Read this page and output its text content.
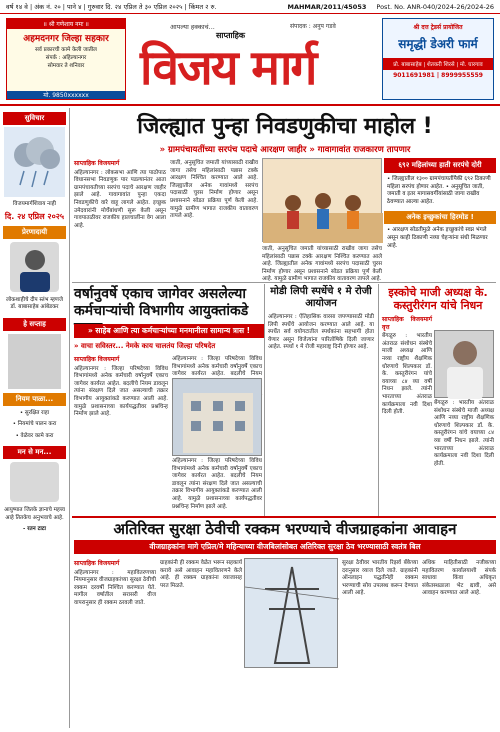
वर्ष १४ वे | अंक नं. २० | पाने ४ | गुरुवार दि. २४ एप्रिल ते ३० एप्रिल २०२५ | किंमत २ रु.	MAHMAR/2011/45053 Post. No. ANR-040/2024-26/2024-26
॥ श्री गणेशाय नमः ॥
अहमदनगर जिल्हा सहकार
सर्व प्रकारची कामे केली जातील
संपर्क : अहिल्यानगर
सोमवार ते शनिवार
मो. 9850xxxxxx
आपल्या हक्काचं...
साप्ताहिक
संपादक : अनुप गडवे
विजय मार्ग
श्री दत्त ट्रेडर्स प्रायोजित
समृद्धी डेअरी फार्म
प्रो. बाबासाहेब | शेतकरी शिरसे | मो. घारगाव
9011691981 | 8999955559
सुविचार
विजयमार्गशिवाय नाही
दि. २४ एप्रिल २०२५
प्रेरणादायी
लोकशाहीचे दीप स्तंभ म्हणजे डॉ. बाबासाहेब आंबेडकर
हे सप्ताह
नियम पाळा...
• सुरक्षित राहा
• नियमांचे पालन करा
• वेळेवर कामे करा
मन से मन...
आयुष्यात जितके ज्ञानाचे महत्त्व आहे तितकेच अनुभवाचे आहे.
- रतन टाटा
जिल्ह्यात पुन्हा निवडणुकीचा माहोल !
» ग्रामपंचायतींच्या सरपंच पदाचे आरक्षण जाहीर » गावागावांत राजकारण तापणार
साप्ताहिक विजयमार्ग
अहिल्यानगर : लोकसभा आणि त्या पाठोपाठ विधानसभा निवडणुक पार पडल्यानंतर आता ग्रामपंचायतीच्या सरपंच पदाचे आरक्षण जाहीर झाले आहे. गावागावांत पुन्हा एकदा निवडणुकीचे वारे वाहू लागले आहेत. इच्छुक उमेदवारांनी मोर्चेबांधणी सुरू केली असून गावपातळीवर राजकीय हालचालींना वेग आला आहे.
जाती, अनुसूचित जमाती यांच्यासाठी राखीव जागा तसेच महिलांसाठी पन्नास टक्के आरक्षण निश्चित करण्यात आले आहे. जिल्ह्यातील अनेक गावांमध्ये सरपंच पदासाठी चुरस निर्माण होणार असून प्रशासनाने सोडत प्रक्रिया पूर्ण केली आहे. यामुळे ग्रामीण भागात राजकीय वातावरण तापले आहे.
जाती, अनुसूचित जमाती यांच्यासाठी राखीव जागा तसेच महिलांसाठी पन्नास टक्के आरक्षण निश्चित करण्यात आले आहे. जिल्ह्यातील अनेक गावांमध्ये सरपंच पदासाठी चुरस निर्माण होणार असून प्रशासनाने सोडत प्रक्रिया पूर्ण केली आहे. यामुळे ग्रामीण भागात राजकीय वातावरण तापले आहे.
६९२ महिलांच्या हाती सरपंचे दोरी
• जिल्ह्यातील १३०० ग्रामपंचायतींपैकी ६९२ ठिकाणी महिला सरपंच होणार आहेत. • अनुसूचित जाती, जमाती व इतर मागासवर्गीयांसाठी जागा राखीव ठेवण्यात आल्या आहेत.
अनेक इच्छुकांचा हिरमोड !
• आरक्षण सोडतीमुळे अनेक इच्छुकांचे स्वप्न भंगले असून काही ठिकाणी नव्या चेहऱ्यांना संधी मिळणार आहे.
वर्षानुवर्षे एकाच जागेवर असलेल्या कर्मचाऱ्यांची विभागीय आयुक्तांकडे
» साहेब आणि त्या कर्मचाऱ्यांच्या मनमानीला सामान्य त्रास !
» वाचा सविस्तर... नेमके काय चालतंय जिल्हा परिषदेत
साप्ताहिक विजयमार्ग
अहिल्यानगर : जिल्हा परिषदेच्या विविध विभागांमध्ये अनेक कर्मचारी वर्षानुवर्षे एकाच जागेवर कार्यरत आहेत. बदलीचे नियम डावलून त्यांना संरक्षण दिले जात असल्याची तक्रार विभागीय आयुक्तांकडे करण्यात आली आहे. यामुळे प्रशासनाच्या कार्यपद्धतीवर प्रश्नचिन्ह निर्माण झाले आहे.
अहिल्यानगर : जिल्हा परिषदेच्या विविध विभागांमध्ये अनेक कर्मचारी वर्षानुवर्षे एकाच जागेवर कार्यरत आहेत. बदलीचे नियम
अहिल्यानगर : जिल्हा परिषदेच्या विविध विभागांमध्ये अनेक कर्मचारी वर्षानुवर्षे एकाच जागेवर कार्यरत आहेत. बदलीचे नियम डावलून त्यांना संरक्षण दिले जात असल्याची तक्रार विभागीय आयुक्तांकडे करण्यात आली आहे. यामुळे प्रशासनाच्या कार्यपद्धतीवर प्रश्नचिन्ह निर्माण झाले आहे.
मोडी लिपी स्पर्धेचे १ मे रोजी आयोजन
अहिल्यानगर : ऐतिहासिक वारसा जपण्यासाठी मोडी लिपी स्पर्धेचे आयोजन करण्यात आले आहे. या स्पर्धेत सर्व वयोगटातील स्पर्धकांना सहभागी होता येणार असून विजेत्यांना पारितोषिके दिली जाणार आहेत. स्पर्धा १ मे रोजी महाराष्ट्र दिनी होणार आहे.
इस्कोचे माजी अध्यक्ष के. कस्तुरीरंगन यांचे निधन
साप्ताहिक विजयमार्ग वृत्त
बेंगळूरु : भारतीय अंतराळ संशोधन संस्थेचे माजी अध्यक्ष आणि नव्या राष्ट्रीय शैक्षणिक धोरणाचे शिल्पकार डॉ. के. कस्तुरीरंगन यांचे वयाच्या ८४ व्या वर्षी निधन झाले. त्यांनी भारताच्या अंतराळ कार्यक्रमाला नवी दिशा दिली होती.
बेंगळूरु : भारतीय अंतराळ संशोधन संस्थेचे माजी अध्यक्ष आणि नव्या राष्ट्रीय शैक्षणिक धोरणाचे शिल्पकार डॉ. के. कस्तुरीरंगन यांचे वयाच्या ८४ व्या वर्षी निधन झाले. त्यांनी भारताच्या अंतराळ कार्यक्रमाला नवी दिशा दिली होती.
अतिरिक्त सुरक्षा ठेवीची रक्कम भरण्याचे वीजग्राहकांना आवाहन
वीजग्राहकांना मागे एप्रिल/मे महिन्याच्या वीजबिलांसोबत अतिरिक्त सुरक्षा ठेव भरण्यासाठी स्वतंत्र बिल
साप्ताहिक विजयमार्ग
अहिल्यानगर : महावितरणच्या नियमानुसार वीजग्राहकांच्या सुरक्षा ठेवीची रक्कम दरवर्षी निश्चित करण्यात येते. मागील वर्षातील सरासरी वीज वापरानुसार ही रक्कम ठरवली जाते.
ग्राहकांनी ही रक्कम वेळेत भरून सहकार्य करावे असे आवाहन महावितरणने केले आहे. ही रक्कम ग्राहकांना व्याजासह परत मिळते.
सुरक्षा ठेवीवर भारतीय रिझर्व बँकेच्या दरानुसार व्याज दिले जाते. ग्राहकांनी ऑनलाइन पद्धतीनेही रक्कम भरण्याची सोय उपलब्ध करून देण्यात आली आहे.
अधिक माहितीसाठी नजीकच्या महावितरण कार्यालयाशी संपर्क साधावा किंवा अधिकृत संकेतस्थळाला भेट द्यावी, असे आवाहन करण्यात आले आहे.
